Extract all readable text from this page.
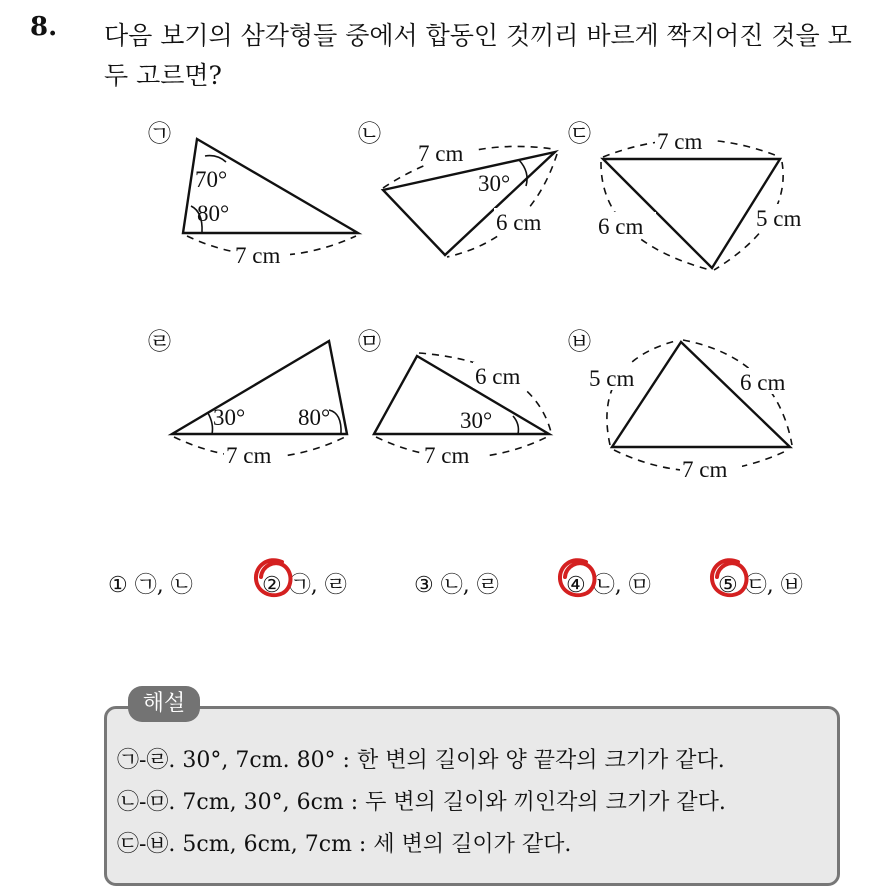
8. 다음 보기의 삼각형들 중에서 합동인 것끼리 바르게 짝지어진 것을 모두 고르면?
㉠
70°
80°
7 cm
㉡
7 cm
30°
6 cm
㉢	7 cm
6 cm	5 cm
㉣
30° 80°
7 cm
㉤
6 cm
30°
7 cm
㉥
5 cm	6 cm
7 cm
① ㉠, ㉡	② ㉠, ㉣	③ ㉡, ㉣	④ ㉡, ㉤	⑤ ㉢, ㉥
㉠-㉣. 30°, 7cm. 80° : 한 변의 길이와 양 끝각의 크기가 같다.
㉡-㉤. 7cm, 30°, 6cm : 두 변의 길이와 끼인각의 크기가 같다.
㉢-㉥. 5cm, 6cm, 7cm : 세 변의 길이가 같다.
해설
